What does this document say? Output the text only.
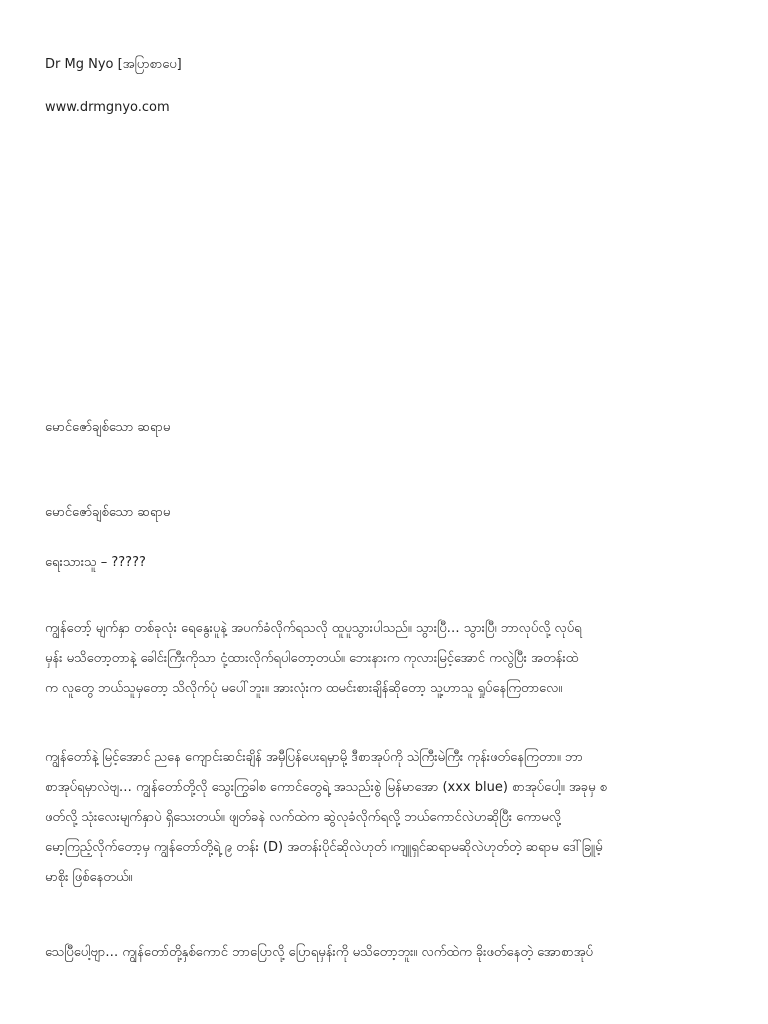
Dr Mg Nyo [အပြာစာပေ]
www.drmgnyo.com
မောင်ဇော်ချစ်သော ဆရာမ
မောင်ဇော်ချစ်သော ဆရာမ
ရေးသားသူ – ?????
ကျွန်တော့် မျက်နှာ တစ်ခုလုံး ရေနွေးပူနဲ့ အပက်ခံလိုက်ရသလို ထူပူသွားပါသည်။ သွားပြီ… သွားပြီ၊ ဘာလုပ်လို့ လုပ်ရ
မှန်း မသိတော့တာနဲ့ ခေါင်းကြီးကိုသာ ငုံ့ထားလိုက်ရပါတော့တယ်။ ဘေးနားက ကုလားမြင့်အောင် ကလွဲပြီး အတန်းထဲ
က လူတွေ ဘယ်သူမှတော့ သိလိုက်ပုံ မပေါ်ဘူး။ အားလုံးက ထမင်းစားချိန်ဆိုတော့ သူ့ဟာသူ ရှုပ်နေကြတာလေ။
ကျွန်တော်နဲ့ မြင့်အောင် ညနေ ကျောင်းဆင်းချိန် အမှီပြန်ပေးရမှာမို့ ဒီစာအုပ်ကို သဲကြီးမဲကြီး ကုန်းဖတ်နေကြတာ။ ဘာ
စာအုပ်ရမှာလဲဗျ… ကျွန်တော်တို့လို သွေးကြွခါစ ကောင်တွေရဲ့ အသည်းစွဲ မြန်မာအော (xxx blue) စာအုပ်ပေါ့။ အခုမှ စ
ဖတ်လို့ သုံးလေးမျက်နှာပဲ ရှိသေးတယ်။ ဖျတ်ခနဲ လက်ထဲက ဆွဲလုခံလိုက်ရလို့ ဘယ်ကောင်လဲဟဆိုပြီး ကောမလို့
မော့ကြည့်လိုက်တော့မှ ကျွန်တော်တို့ရဲ့ ၉ တန်း (D) အတန်းပိုင်ဆိုလဲဟုတ် ၊ကျူရှင်ဆရာမဆိုလဲဟုတ်တဲ့ ဆရာမ ဒေါ်ခြူမ့်
မာစိုး ဖြစ်နေတယ်။
သေပြီပေါ့ဗျာ… ကျွန်တော်တို့နှစ်ကောင် ဘာပြောလို့ ပြောရမှန်းကို မသိတော့ဘူး။ လက်ထဲက ခိုးဖတ်နေတဲ့ အောစာအုပ်
